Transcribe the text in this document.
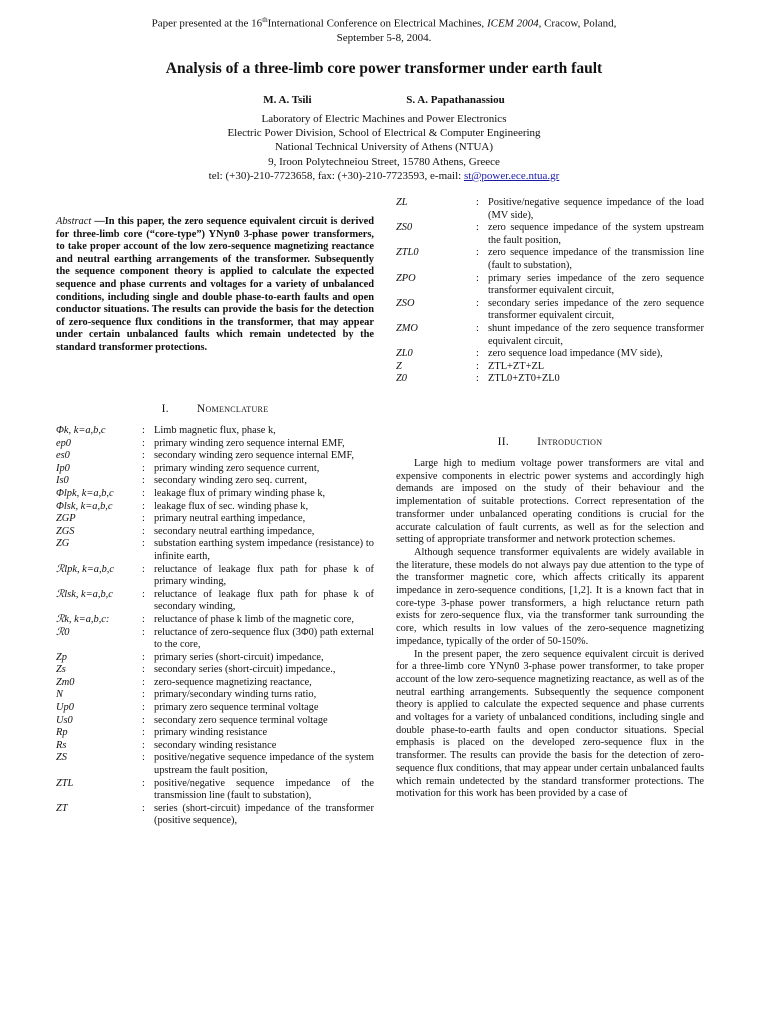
Paper presented at the 16thInternational Conference on Electrical Machines, ICEM 2004, Cracow, Poland,
September 5-8, 2004.
Analysis of a three-limb core power transformer under earth fault
M. A. Tsili	S. A. Papathanassiou
Laboratory of Electric Machines and Power Electronics
Electric Power Division, School of Electrical & Computer Engineering
National Technical University of Athens (NTUA)
9, Iroon Polytechneiou Street, 15780 Athens, Greece
tel: (+30)-210-7723658, fax: (+30)-210-7723593, e-mail: st@power.ece.ntua.gr
Abstract —In this paper, the zero sequence equivalent circuit is derived for three-limb core (“core-type”) YNyn0 3-phase power transformers, to take proper account of the low zero-sequence magnetizing reactance and neutral earthing arrangements of the transformer. Subsequently the sequence component theory is applied to calculate the expected sequence and phase currents and voltages for a variety of unbalanced conditions, including single and double phase-to-earth faults and open conductor situations. The results can provide the basis for the detection of zero-sequence flux conditions in the transformer, that may appear under certain unbalanced faults which remain undetected by the standard transformer protections.
I. Nomenclature
Φk, k=a,b,c	: Limb magnetic flux, phase k,
ep0	: primary winding zero sequence internal EMF,
es0	: secondary winding zero sequence internal EMF,
Ip0	: primary winding zero sequence current,
Is0	: secondary winding zero seq. current,
Φlpk, k=a,b,c	: leakage flux of primary winding phase k,
Φlsk, k=a,b,c	: leakage flux of sec. winding phase k,
ZGP	: primary neutral earthing impedance,
ZGS	: secondary neutral earthing impedance,
ZG	: substation earthing system impedance (resistance) to infinite earth,
ℛlpk, k=a,b,c	: reluctance of leakage flux path for phase k of primary winding,
ℛlsk, k=a,b,c	: reluctance of leakage flux path for phase k of secondary winding,
ℛk, k=a,b,c:	: reluctance of phase k limb of the magnetic core,
ℛ0	: reluctance of zero-sequence flux (3Φ0) path external to the core,
Zp	: primary series (short-circuit) impedance,
Zs	: secondary series (short-circuit) impedance.,
Zm0	: zero-sequence magnetizing reactance,
N	: primary/secondary winding turns ratio,
Up0	: primary zero sequence terminal voltage
Us0	: secondary zero sequence terminal voltage
Rp	: primary winding resistance
Rs	: secondary winding resistance
ZS	: positive/negative sequence impedance of the system upstream the fault position,
ZTL	: positive/negative sequence impedance of the transmission line (fault to substation),
ZT	: series (short-circuit) impedance of the transformer (positive sequence),
ZL	: Positive/negative sequence impedance of the load (MV side),
ZS0	: zero sequence impedance of the system upstream the fault position,
ZTL0	: zero sequence impedance of the transmission line (fault to substation),
ZPO	: primary series impedance of the zero sequence transformer equivalent circuit,
ZSO	: secondary series impedance of the zero sequence transformer equivalent circuit,
ZMO	: shunt impedance of the zero sequence transformer equivalent circuit,
ZL0	: zero sequence load impedance (MV side),
Z	: ZTL+ZT+ZL
Z0	: ZTL0+ZT0+ZL0
II. Introduction

Large high to medium voltage power transformers are vital and expensive components in electric power systems and accordingly high demands are imposed on the study of their behaviour and the implementation of suitable protections. Correct representation of the transformer under unbalanced operating conditions is crucial for the accurate calculation of fault currents, as well as for the selection and setting of appropriate transformer and network protection schemes.

Although sequence transformer equivalents are widely available in the literature, these models do not always pay due attention to the type of the transformer magnetic core, which affects critically its apparent impedance in zero-sequence conditions, [1,2]. It is a known fact that in core-type 3-phase power transformers, a high reluctance return path exists for zero-sequence flux, via the transformer tank surrounding the core, which results in low values of the zero-sequence magnetizing impedance, typically of the order of 50-150%.

In the present paper, the zero sequence equivalent circuit is derived for a three-limb core YNyn0 3-phase power transformer, to take proper account of the low zero-sequence magnetizing reactance, as well as of the neutral earthing arrangements. Subsequently the sequence component theory is applied to calculate the expected sequence and phase currents and voltages for a variety of unbalanced conditions, including single and double phase-to-earth faults and open conductor situations. Special emphasis is placed on the developed zero-sequence flux in the transformer. The results can provide the basis for the detection of zero-sequence flux conditions, that may appear under certain unbalanced faults which remain undetected by the standard transformer protections. The motivation for this work has been provided by a case of
